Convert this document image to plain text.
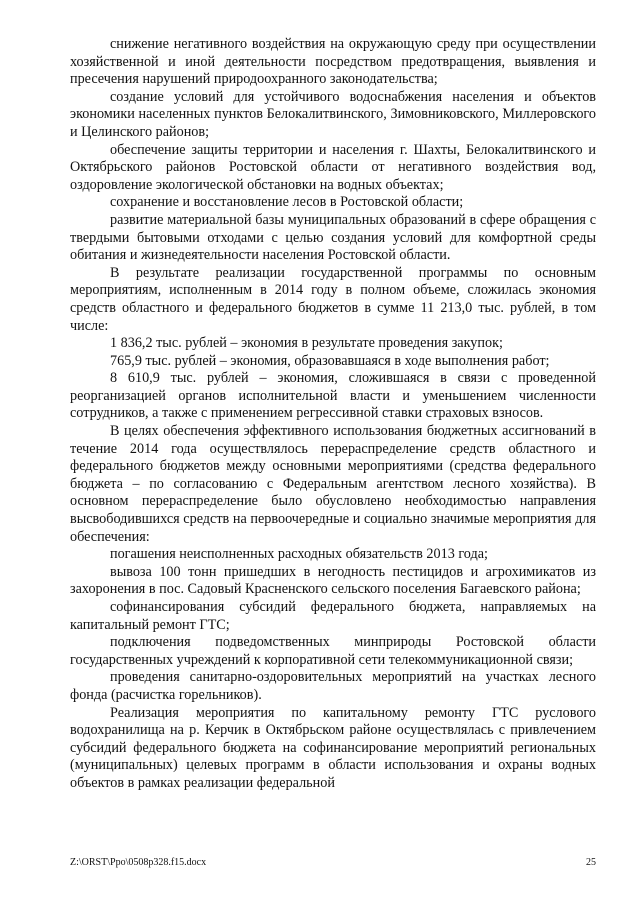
снижение негативного воздействия на окружающую среду при осуществлении хозяйственной и иной деятельности посредством предотвращения, выявления и пресечения нарушений природоохранного законодательства;

создание условий для устойчивого водоснабжения населения и объектов экономики населенных пунктов Белокалитвинского, Зимовниковского, Миллеровского и Целинского районов;

обеспечение защиты территории и населения г. Шахты, Белокалитвинского и Октябрьского районов Ростовской области от негативного воздействия вод, оздоровление экологической обстановки на водных объектах;

сохранение и восстановление лесов в Ростовской области;

развитие материальной базы муниципальных образований в сфере обращения с твердыми бытовыми отходами с целью создания условий для комфортной среды обитания и жизнедеятельности населения Ростовской области.

В результате реализации государственной программы по основным мероприятиям, исполненным в 2014 году в полном объеме, сложилась экономия средств областного и федерального бюджетов в сумме 11 213,0 тыс. рублей, в том числе:

1 836,2 тыс. рублей – экономия в результате проведения закупок;

765,9 тыс. рублей – экономия, образовавшаяся в ходе выполнения работ;

8 610,9 тыс. рублей – экономия, сложившаяся в связи с проведенной реорганизацией органов исполнительной власти и уменьшением численности сотрудников, а также с применением регрессивной ставки страховых взносов.

В целях обеспечения эффективного использования бюджетных ассигнований в течение 2014 года осуществлялось перераспределение средств областного и федерального бюджетов между основными мероприятиями (средства федерального бюджета – по согласованию с Федеральным агентством лесного хозяйства). В основном перераспределение было обусловлено необходимостью направления высвободившихся средств на первоочередные и социально значимые мероприятия для обеспечения:

погашения неисполненных расходных обязательств 2013 года;

вывоза 100 тонн пришедших в негодность пестицидов и агрохимикатов из захоронения в пос. Садовый Красненского сельского поселения Багаевского района;

софинансирования субсидий федерального бюджета, направляемых на капитальный ремонт ГТС;

подключения подведомственных минприроды Ростовской области государственных учреждений к корпоративной сети телекоммуникационной связи;

проведения санитарно-оздоровительных мероприятий на участках лесного фонда (расчистка горельников).

Реализация мероприятия по капитальному ремонту ГТС руслового водохранилища на р. Керчик в Октябрьском районе осуществлялась с привлечением субсидий федерального бюджета на софинансирование мероприятий региональных (муниципальных) целевых программ в области использования и охраны водных объектов в рамках реализации федеральной

Z:\ORST\Ppo\0508p328.f15.docx	25
